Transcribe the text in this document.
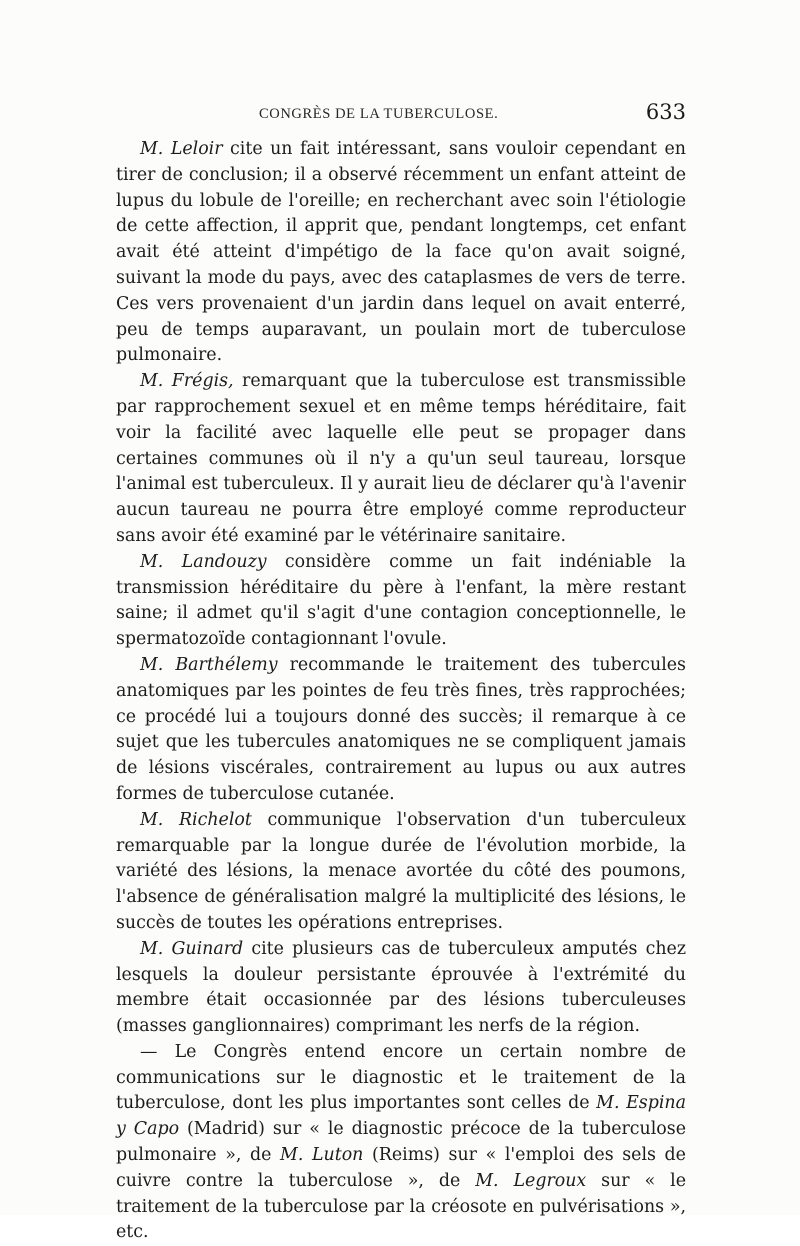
CONGRÈS DE LA TUBERCULOSE.	633

M. Leloir cite un fait intéressant, sans vouloir cependant en tirer de conclusion; il a observé récemment un enfant atteint de lupus du lobule de l'oreille; en recherchant avec soin l'étiologie de cette affection, il apprit que, pendant longtemps, cet enfant avait été atteint d'impétigo de la face qu'on avait soigné, suivant la mode du pays, avec des cataplasmes de vers de terre. Ces vers provenaient d'un jardin dans lequel on avait enterré, peu de temps auparavant, un poulain mort de tuberculose pulmonaire.

M. Frégis, remarquant que la tuberculose est transmissible par rapprochement sexuel et en même temps héréditaire, fait voir la facilité avec laquelle elle peut se propager dans certaines communes où il n'y a qu'un seul taureau, lorsque l'animal est tuberculeux. Il y aurait lieu de déclarer qu'à l'avenir aucun taureau ne pourra être employé comme reproducteur sans avoir été examiné par le vétérinaire sanitaire.

M. Landouzy considère comme un fait indéniable la transmission héréditaire du père à l'enfant, la mère restant saine; il admet qu'il s'agit d'une contagion conceptionnelle, le spermatozoïde contagionnant l'ovule.

M. Barthélemy recommande le traitement des tubercules anatomiques par les pointes de feu très fines, très rapprochées; ce procédé lui a toujours donné des succès; il remarque à ce sujet que les tubercules anatomiques ne se compliquent jamais de lésions viscérales, contrairement au lupus ou aux autres formes de tuberculose cutanée.

M. Richelot communique l'observation d'un tuberculeux remarquable par la longue durée de l'évolution morbide, la variété des lésions, la menace avortée du côté des poumons, l'absence de généralisation malgré la multiplicité des lésions, le succès de toutes les opérations entreprises.

M. Guinard cite plusieurs cas de tuberculeux amputés chez lesquels la douleur persistante éprouvée à l'extrémité du membre était occasionnée par des lésions tuberculeuses (masses ganglionnaires) comprimant les nerfs de la région.

— Le Congrès entend encore un certain nombre de communications sur le diagnostic et le traitement de la tuberculose, dont les plus importantes sont celles de M. Espina y Capo (Madrid) sur « le diagnostic précoce de la tuberculose pulmonaire », de M. Luton (Reims) sur « l'emploi des sels de cuivre contre la tuberculose », de M. Legroux sur « le traitement de la tuberculose par la créosote en pulvérisations », etc.
